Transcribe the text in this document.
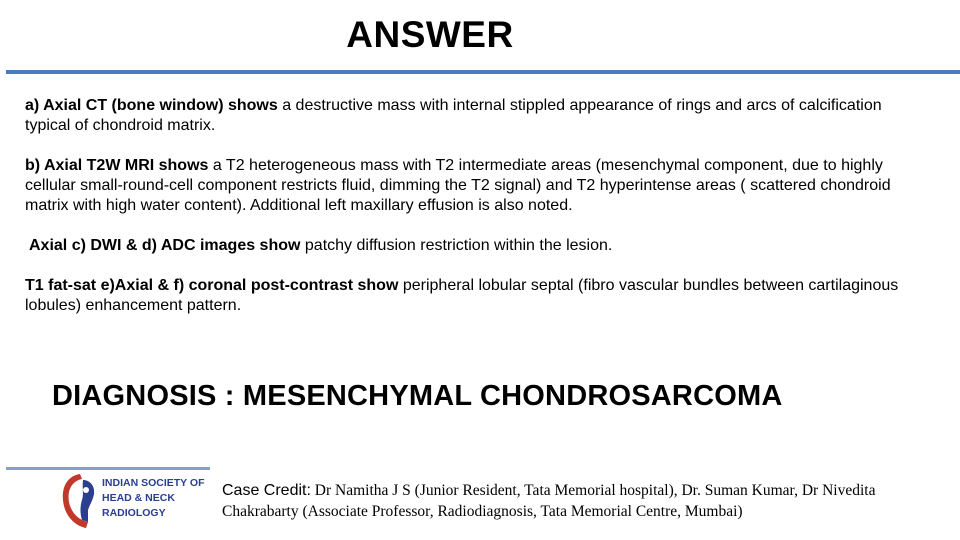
ANSWER

a) Axial CT (bone window) shows a destructive mass with internal stippled appearance of rings and arcs of calcification typical of chondroid matrix.

b) Axial T2W MRI shows a T2 heterogeneous mass with T2 intermediate areas (mesenchymal component, due to highly cellular small-round-cell component restricts fluid, dimming the T2 signal) and T2 hyperintense areas ( scattered chondroid matrix with high water content). Additional left maxillary effusion is also noted.

Axial c) DWI & d) ADC images show patchy diffusion restriction within the lesion.

T1 fat-sat e)Axial & f) coronal post-contrast show peripheral lobular septal (fibro vascular bundles between cartilaginous lobules) enhancement pattern.

DIAGNOSIS : MESENCHYMAL CHONDROSARCOMA
INDIAN SOCIETY OF
HEAD & NECK
RADIOLOGY
Case Credit: Dr Namitha J S (Junior Resident, Tata Memorial hospital), Dr. Suman Kumar, Dr Nivedita Chakrabarty (Associate Professor, Radiodiagnosis, Tata Memorial Centre, Mumbai)
